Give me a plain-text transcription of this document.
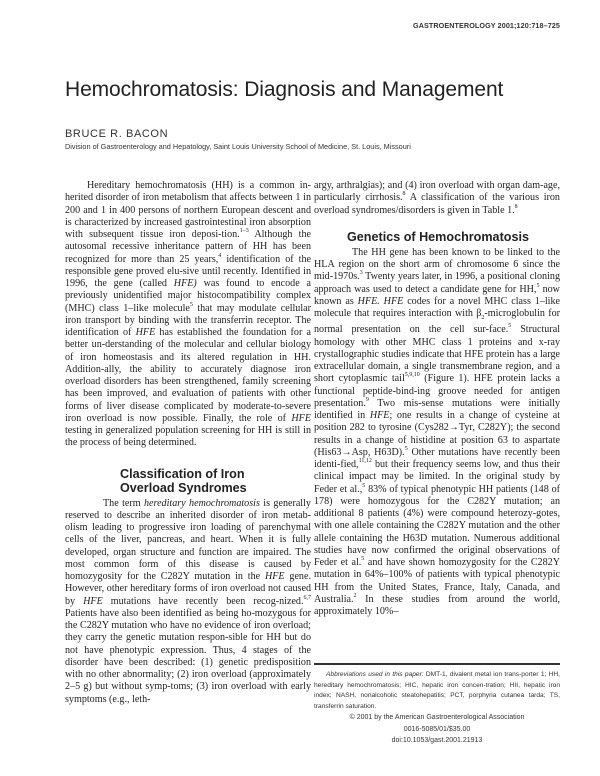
GASTROENTEROLOGY 2001;120:718–725
Hemochromatosis: Diagnosis and Management
BRUCE R. BACON
Division of Gastroenterology and Hepatology, Saint Louis University School of Medicine, St. Louis, Missouri

Hereditary hemochromatosis (HH) is a common in-herited disorder of iron metabolism that affects between 1 in 200 and 1 in 400 persons of northern European descent and is characterized by increased gastrointestinal iron absorption with subsequent tissue iron deposi-tion.$^{1-3}$ Although the autosomal recessive inheritance pattern of HH has been recognized for more than 25 years,$^4$ identification of the responsible gene proved elu-sive until recently. Identified in 1996, the gene (called HFE) was found to encode a previously unidentified major histocompatibility complex (MHC) class 1–like molecule$^5$ that may modulate cellular iron transport by binding with the transferrin receptor. The identification of HFE has established the foundation for a better un-derstanding of the molecular and cellular biology of iron homeostasis and its altered regulation in HH. Addition-ally, the ability to accurately diagnose iron overload disorders has been strengthened, family screening has been improved, and evaluation of patients with other forms of liver disease complicated by moderate-to-severe iron overload is now possible. Finally, the role of HFE testing in generalized population screening for HH is still in the process of being determined.

Classification of Iron Overload Syndromes

The term hereditary hemochromatosis is generally reserved to describe an inherited disorder of iron metab-olism leading to progressive iron loading of parenchymal cells of the liver, pancreas, and heart. When it is fully developed, organ structure and function are impaired. The most common form of this disease is caused by homozygosity for the C282Y mutation in the HFE gene. However, other hereditary forms of iron overload not caused by HFE mutations have recently been recog-nized.$^{6,7}$ Patients have also been identified as being ho-mozygous for the C282Y mutation who have no evidence of iron overload; they carry the genetic mutation respon-sible for HH but do not have phenotypic expression. Thus, 4 stages of the disorder have been described: (1) genetic predisposition with no other abnormality; (2) iron overload (approximately 2–5 g) but without symp-toms; (3) iron overload with early symptoms (e.g., leth-

argy, arthralgias); and (4) iron overload with organ dam-age, particularly cirrhosis.$^8$ A classification of the various iron overload syndromes/disorders is given in Table 1.$^8$

Genetics of Hemochromatosis

The HH gene has been known to be linked to the HLA region on the short arm of chromosome 6 since the mid-1970s.$^3$ Twenty years later, in 1996, a positional cloning approach was used to detect a candidate gene for HH,$^5$ now known as HFE. HFE codes for a novel MHC class 1–like molecule that requires interaction with $\beta_2$-microglobulin for normal presentation on the cell sur-face.$^5$ Structural homology with other MHC class 1 proteins and x-ray crystallographic studies indicate that HFE protein has a large extracellular domain, a single transmembrane region, and a short cytoplasmic tail$^{5,9,10}$ (Figure 1). HFE protein lacks a functional peptide-bind-ing groove needed for antigen presentation.$^9$ Two mis-sense mutations were initially identified in HFE; one results in a change of cysteine at position 282 to tyrosine (Cys282→Tyr, C282Y); the second results in a change of histidine at position 63 to aspartate (His63→Asp, H63D).$^5$ Other mutations have recently been identi-fied,$^{11,12}$ but their frequency seems low, and thus their clinical impact may be limited. In the original study by Feder et al.,$^5$ 83% of typical phenotypic HH patients (148 of 178) were homozygous for the C282Y mutation; an additional 8 patients (4%) were compound heterozy-gotes, with one allele containing the C282Y mutation and the other allele containing the H63D mutation. Numerous additional studies have now confirmed the original observations of Feder et al.$^5$ and have shown homozygosity for the C282Y mutation in 64%–100% of patients with typical phenotypic HH from the United States, France, Italy, Canada, and Australia.$^2$ In these studies from around the world, approximately 10%–

Abbreviations used in this paper: DMT-1, divalent metal ion trans-porter 1; HH, hereditary hemochromatosis; HIC, hepatic iron concen-tration; HII, hepatic iron index; NASH, nonalcoholic steatohepatitis; PCT, porphyria cutanea tarda; TS, transferrin saturation.

© 2001 by the American Gastroenterological Association

0016-5085/01/$35.00

doi:10.1053/gast.2001.21913
